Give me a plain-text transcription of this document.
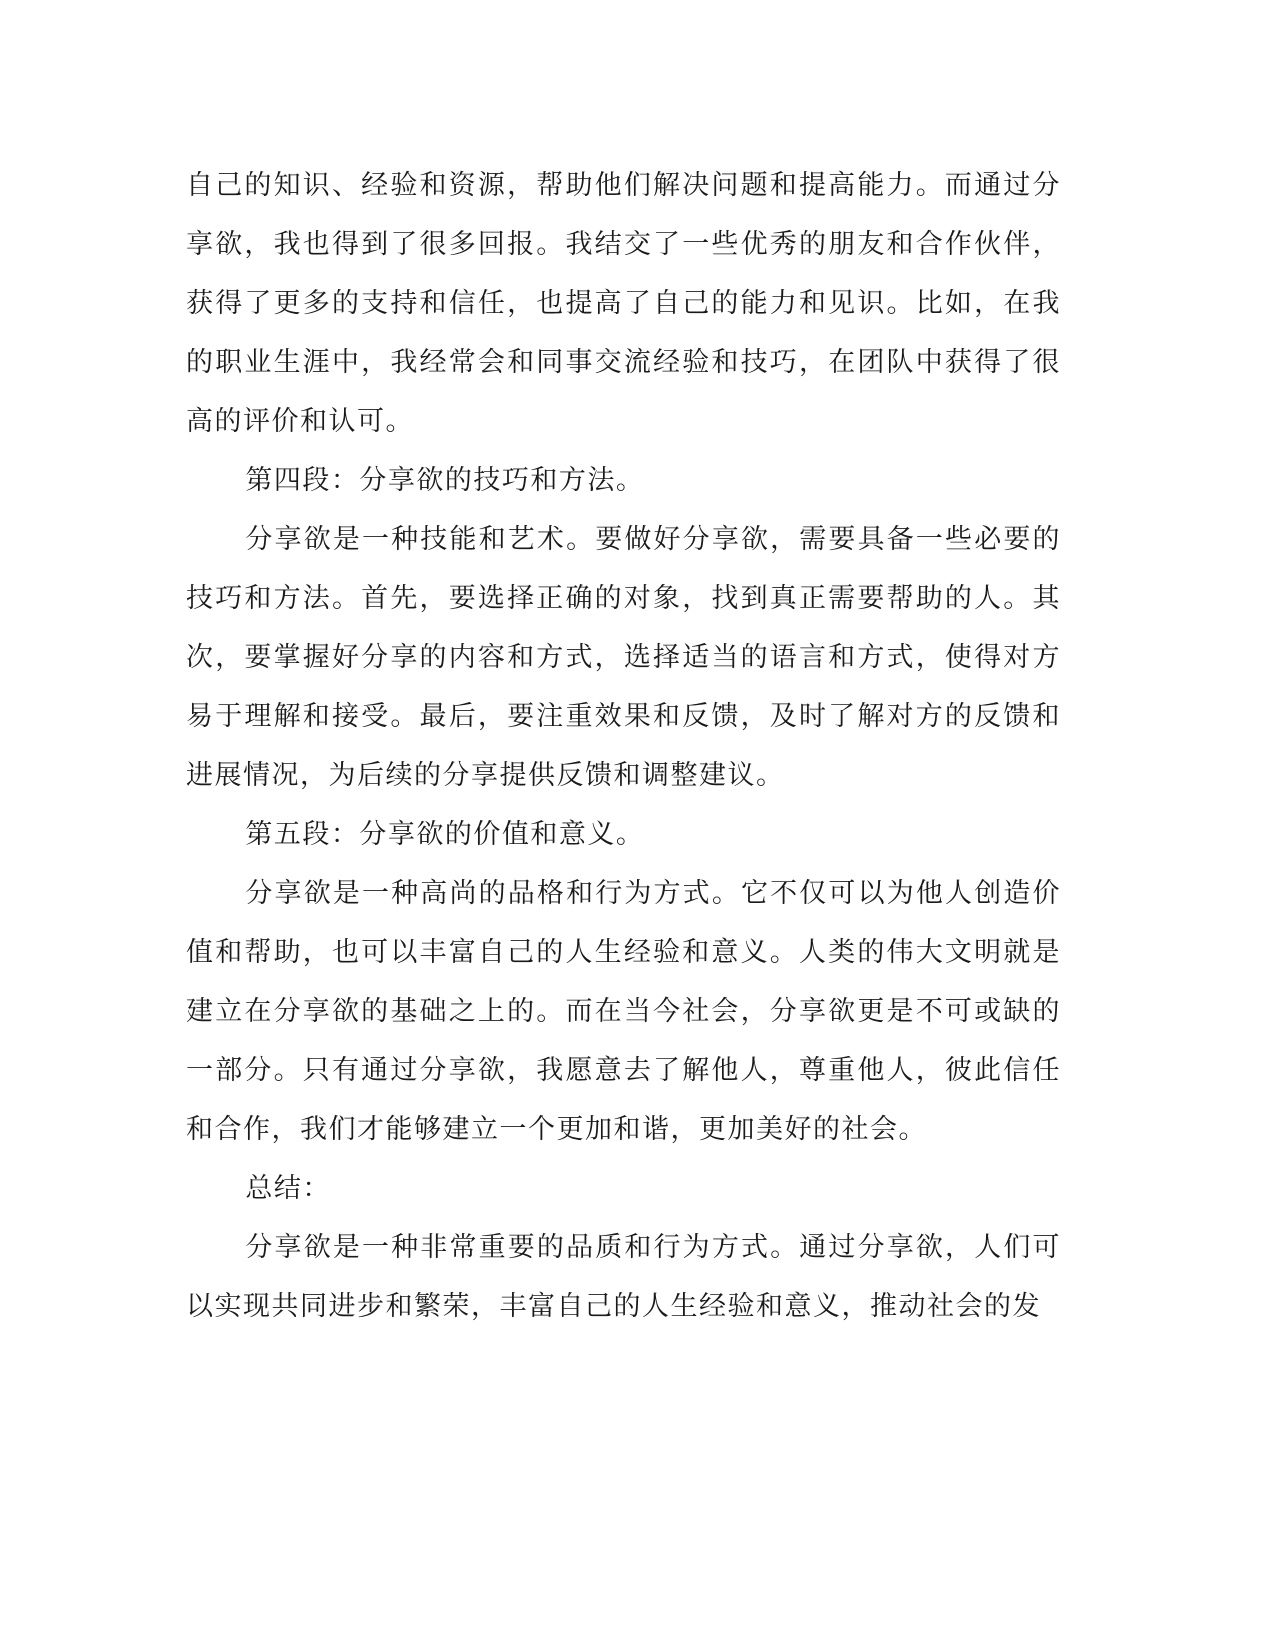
自己的知识、经验和资源，帮助他们解决问题和提高能力。而通过分享欲，我也得到了很多回报。我结交了一些优秀的朋友和合作伙伴，获得了更多的支持和信任，也提高了自己的能力和见识。比如，在我的职业生涯中，我经常会和同事交流经验和技巧，在团队中获得了很高的评价和认可。

第四段：分享欲的技巧和方法。

分享欲是一种技能和艺术。要做好分享欲，需要具备一些必要的技巧和方法。首先，要选择正确的对象，找到真正需要帮助的人。其次，要掌握好分享的内容和方式，选择适当的语言和方式，使得对方易于理解和接受。最后，要注重效果和反馈，及时了解对方的反馈和进展情况，为后续的分享提供反馈和调整建议。

第五段：分享欲的价值和意义。

分享欲是一种高尚的品格和行为方式。它不仅可以为他人创造价值和帮助，也可以丰富自己的人生经验和意义。人类的伟大文明就是建立在分享欲的基础之上的。而在当今社会，分享欲更是不可或缺的一部分。只有通过分享欲，我愿意去了解他人，尊重他人，彼此信任和合作，我们才能够建立一个更加和谐，更加美好的社会。

总结：

分享欲是一种非常重要的品质和行为方式。通过分享欲，人们可以实现共同进步和繁荣，丰富自己的人生经验和意义，推动社会的发
